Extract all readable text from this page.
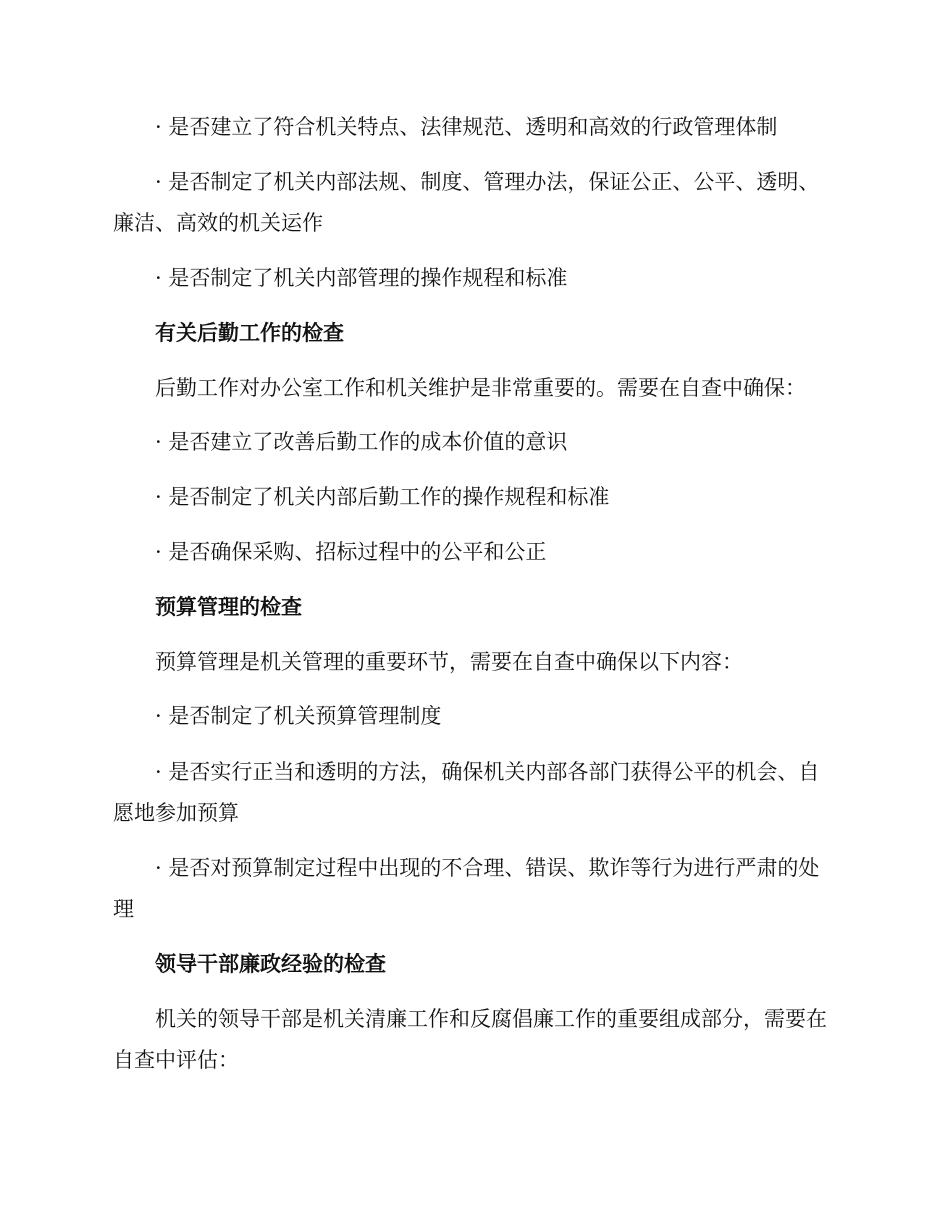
· 是否建立了符合机关特点、法律规范、透明和高效的行政管理体制

· 是否制定了机关内部法规、制度、管理办法，保证公正、公平、透明、廉洁、高效的机关运作

· 是否制定了机关内部管理的操作规程和标准

有关后勤工作的检查

后勤工作对办公室工作和机关维护是非常重要的。需要在自查中确保：

· 是否建立了改善后勤工作的成本价值的意识

· 是否制定了机关内部后勤工作的操作规程和标准

· 是否确保采购、招标过程中的公平和公正

预算管理的检查

预算管理是机关管理的重要环节，需要在自查中确保以下内容：

· 是否制定了机关预算管理制度

· 是否实行正当和透明的方法，确保机关内部各部门获得公平的机会、自愿地参加预算

· 是否对预算制定过程中出现的不合理、错误、欺诈等行为进行严肃的处理

领导干部廉政经验的检查

机关的领导干部是机关清廉工作和反腐倡廉工作的重要组成部分，需要在自查中评估：
